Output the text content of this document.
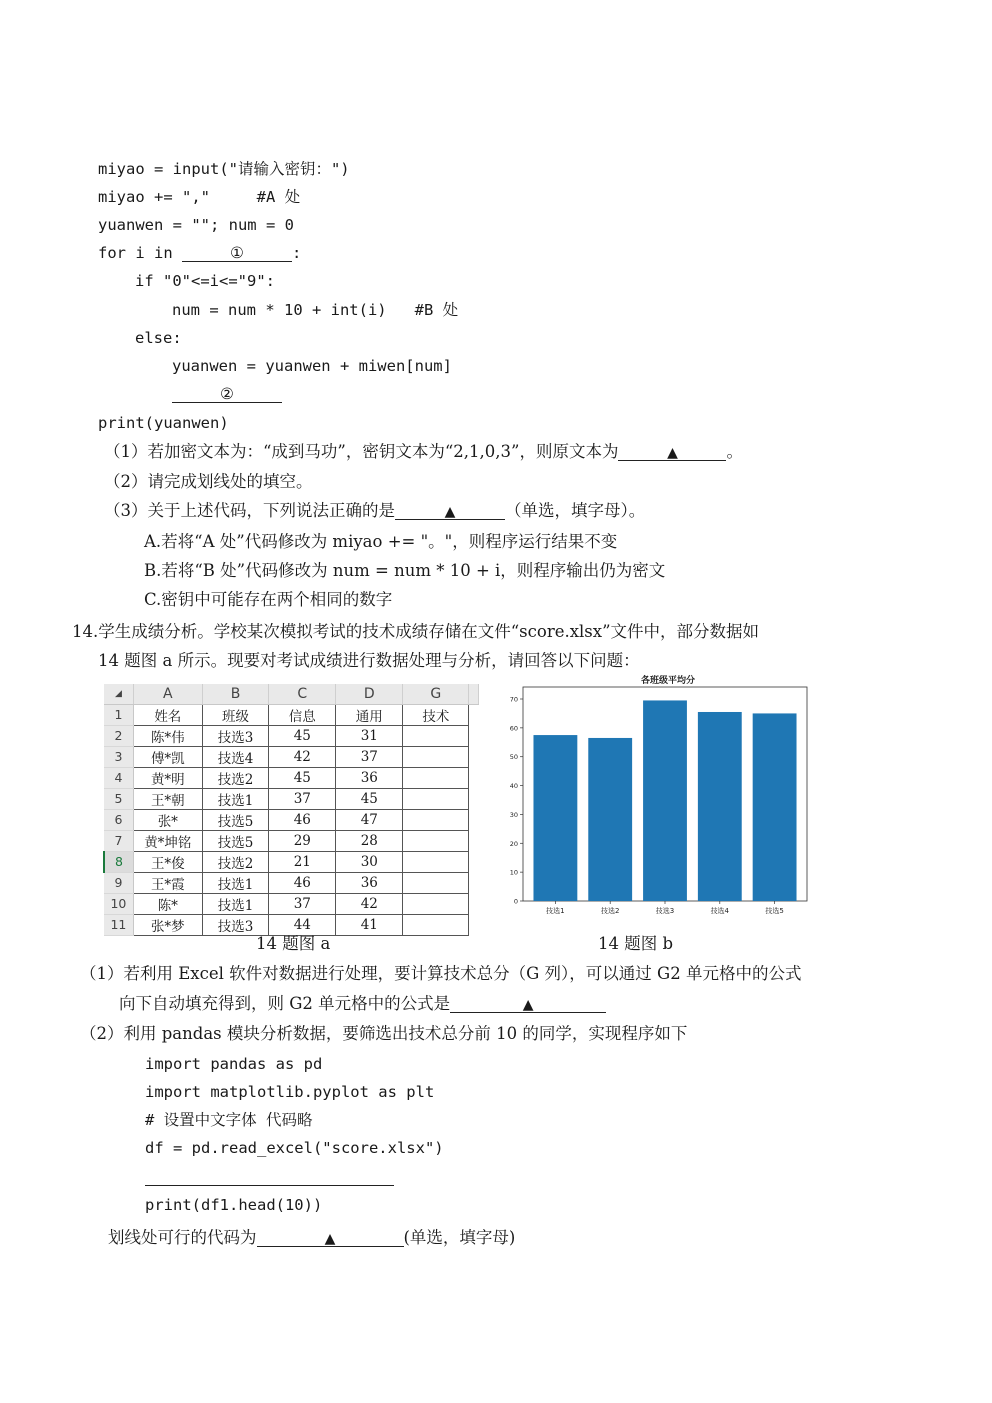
miyao = input("请输入密钥：")
miyao += ","     #A 处
yuanwen = ""; num = 0
for i in	①	:
if "0"<=i<="9":
num = num * 10 + int(i)   #B 处
else:
yuanwen = yuanwen + miwen[num]
②
print(yuanwen)
（1）若加密文本为：“成到马功”，密钥文本为“2,1,0,3”，则原文本为	▲	。
（2）请完成划线处的填空。
（3）关于上述代码，下列说法正确的是	▲	（单选，填字母）。
A.若将“A 处”代码修改为 miyao += "。"，则程序运行结果不变
B.若将“B 处”代码修改为 num = num * 10 + i，则程序输出仍为密文
C.密钥中可能存在两个相同的数字
14.学生成绩分析。学校某次模拟考试的技术成绩存储在文件“score.xlsx”文件中，部分数据如
14 题图 a 所示。现要对考试成绩进行数据处理与分析，请回答以下问题：
◢	A	B	C	D	G	
1	姓名	班级	信息	通用	技术	
2	陈*伟	技选3	45	31		
3	傅*凯	技选4	42	37		
4	黄*明	技选2	45	36		
5	王*朝	技选1	37	45		
6	张*	技选5	46	47		
7	黄*坤铭	技选5	29	28		
8	王*俊	技选2	21	30		
9	王*霞	技选1	46	36		
10	陈*	技选1	37	42		
11	张*梦	技选3	44	41		
各班级平均分
0
10
20
30
40
50
60
70
技选1	技选2	技选3	技选4	技选5
14 题图 a	14 题图 b
（1）若利用 Excel 软件对数据进行处理，要计算技术总分（G 列），可以通过 G2 单元格中的公式
向下自动填充得到，则 G2 单元格中的公式是	▲
（2）利用 pandas 模块分析数据，要筛选出技术总分前 10 的同学，实现程序如下
import pandas as pd
import matplotlib.pyplot as plt
# 设置中文字体 代码略
df = pd.read_excel("score.xlsx")
print(df1.head(10))
划线处可行的代码为	▲	(单选，填字母)
